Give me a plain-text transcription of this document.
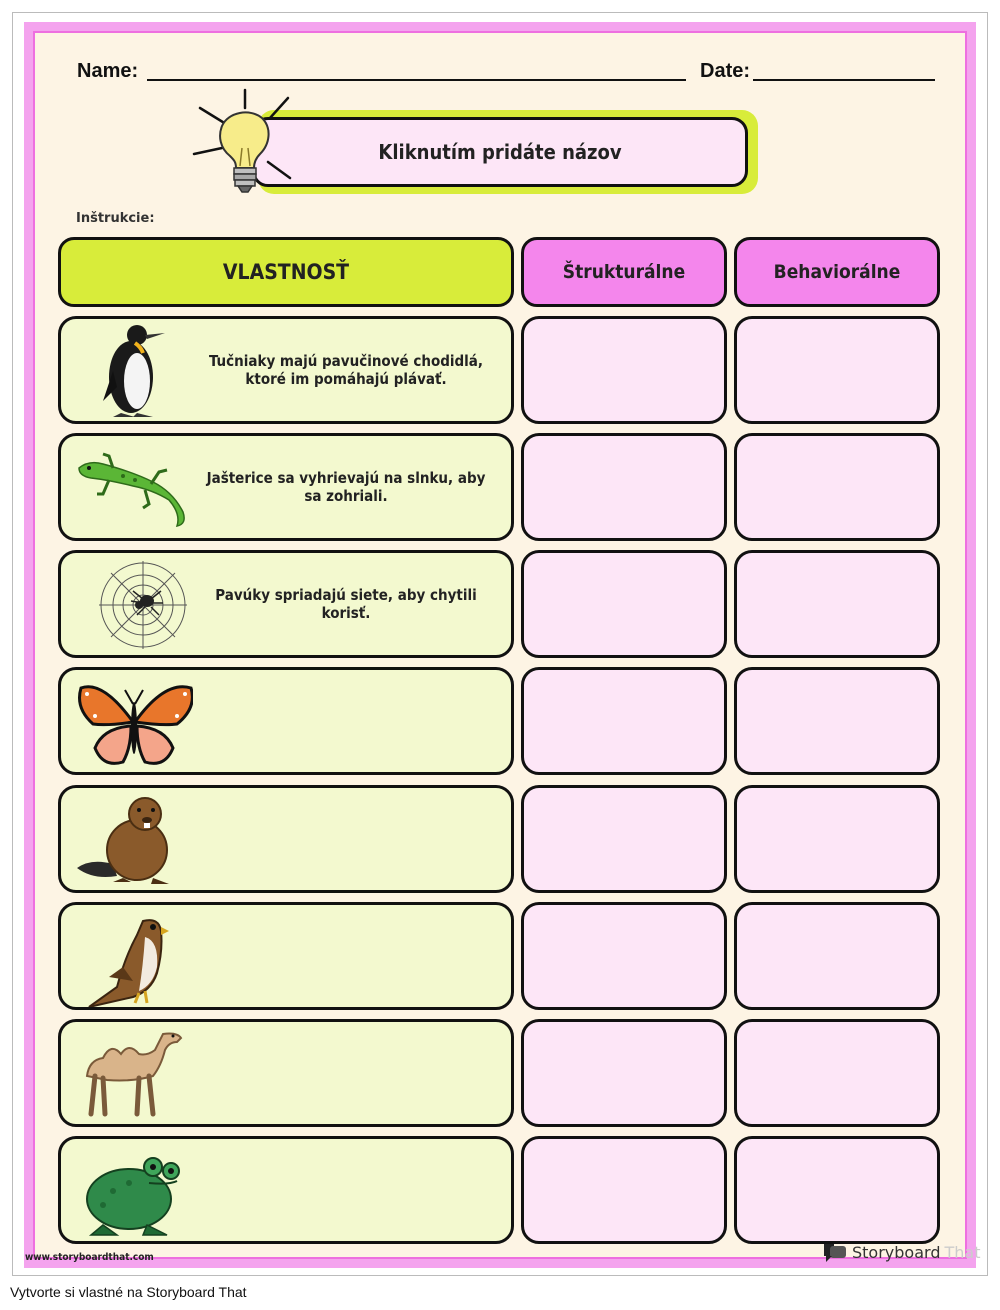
Name:	Date:
Kliknutím pridáte názov
Inštrukcie:
VLASTNOSŤ	Štrukturálne	Behaviorálne
Tučniaky majú pavučinové chodidlá, ktoré im pomáhajú plávať.
Jašterice sa vyhrievajú na slnku, aby sa zohriali.
Pavúky spriadajú siete, aby chytili korisť.
www.storyboardthat.com	Storyboard That
Vytvorte si vlastné na Storyboard That
